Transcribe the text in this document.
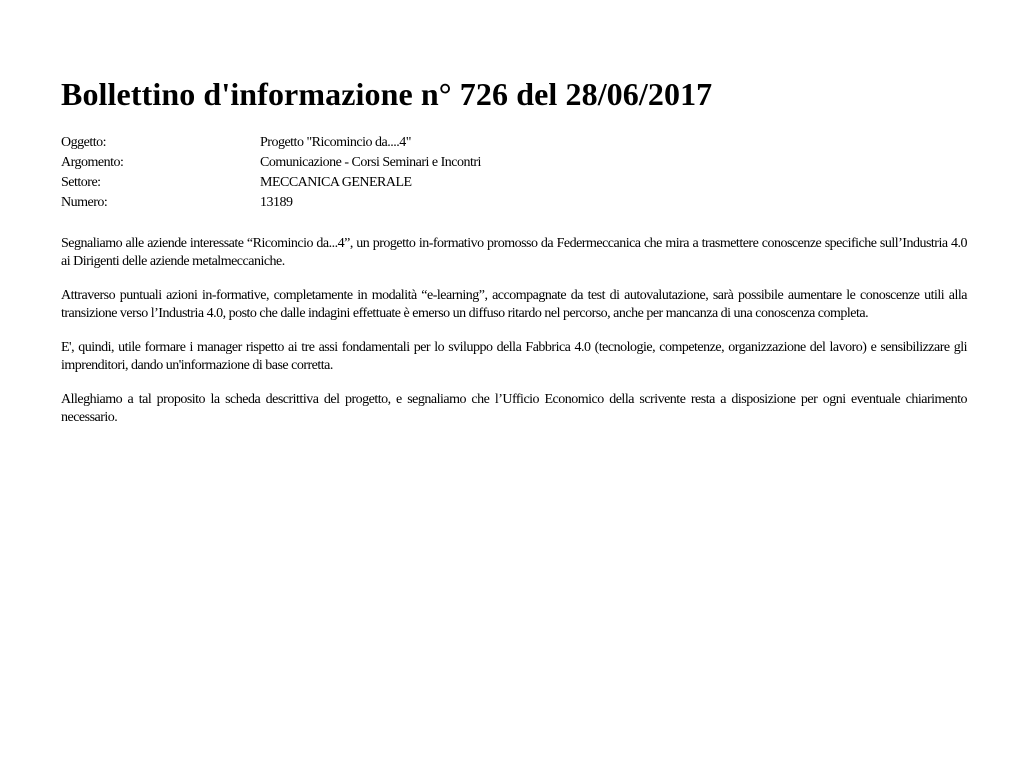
Bollettino d'informazione n° 726 del 28/06/2017
Oggetto:	Progetto "Ricomincio da....4"
Argomento:	Comunicazione - Corsi Seminari e Incontri
Settore:	MECCANICA GENERALE
Numero:	13189

Segnaliamo alle aziende interessate “Ricomincio da...4”, un progetto in-formativo promosso da Federmeccanica che mira a trasmettere conoscenze specifiche sull’Industria 4.0 ai Dirigenti delle aziende metalmeccaniche.

Attraverso puntuali azioni in-formative, completamente in modalità “e-learning”, accompagnate da test di autovalutazione, sarà possibile aumentare le conoscenze utili alla transizione verso l’Industria 4.0, posto che dalle indagini effettuate è emerso un diffuso ritardo nel percorso, anche per mancanza di una conoscenza completa.

E', quindi, utile formare i manager rispetto ai tre assi fondamentali per lo sviluppo della Fabbrica 4.0 (tecnologie, competenze, organizzazione del lavoro) e sensibilizzare gli imprenditori, dando un'informazione di base corretta.

Alleghiamo a tal proposito la scheda descrittiva del progetto, e segnaliamo che l’Ufficio Economico della scrivente resta a disposizione per ogni eventuale chiarimento necessario.
